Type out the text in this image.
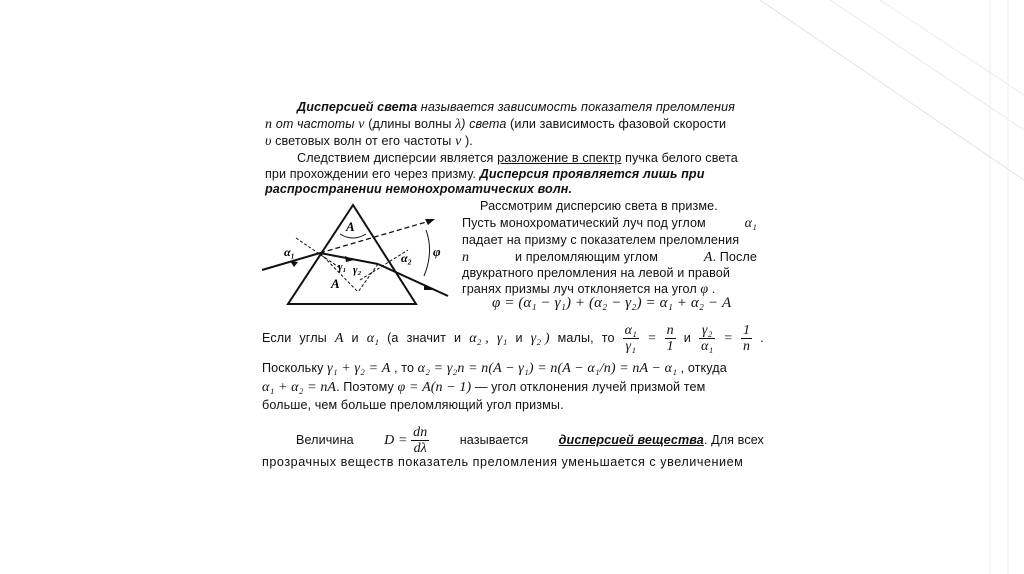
Дисперсией света называется зависимость показателя преломления
n от частоты ν (длины волны λ) света (или зависимость фазовой скорости
υ световых волн от его частоты ν ).
Следствием дисперсии является разложение в спектр пучка белого света
при прохождении его через призму. Дисперсия проявляется лишь при
распространении немонохроматических волн.
A
A
α₁	α₂
γ₁ γ₂
φ
Рассмотрим дисперсию света в призме.
Пусть монохроматический луч под углом	α₁
падает на призму с показателем преломления
n	и преломляющим углом	A. После
двукратного преломления на левой и правой
гранях призмы луч отклоняется на угол φ .
φ = (α₁ − γ₁) + (α₂ − γ₂) = α₁ + α₂ − A
Если углы A и α₁ (а значит и α₂ , γ₁ и γ₂ ) малы, то $\frac{\text{α₁}}{\text{γ₁}} = \frac{n}{1}$ и $\frac{\text{γ₂}}{\text{α₁}} = \frac{1}{n}$ .
Поскольку γ₁ + γ₂ = A , то α₂ = γ₂n = n(A − γ₁) = n(A − α₁/n) = nA − α₁ , откуда
α₁ + α₂ = nA. Поэтому φ = A(n − 1) — угол отклонения лучей призмой тем
больше, чем больше преломляющий угол призмы.
Величина $D = \frac{dn}{d\lambda}$ называется дисперсией вещества. Для всех
прозрачных веществ показатель преломления уменьшается с увеличением
